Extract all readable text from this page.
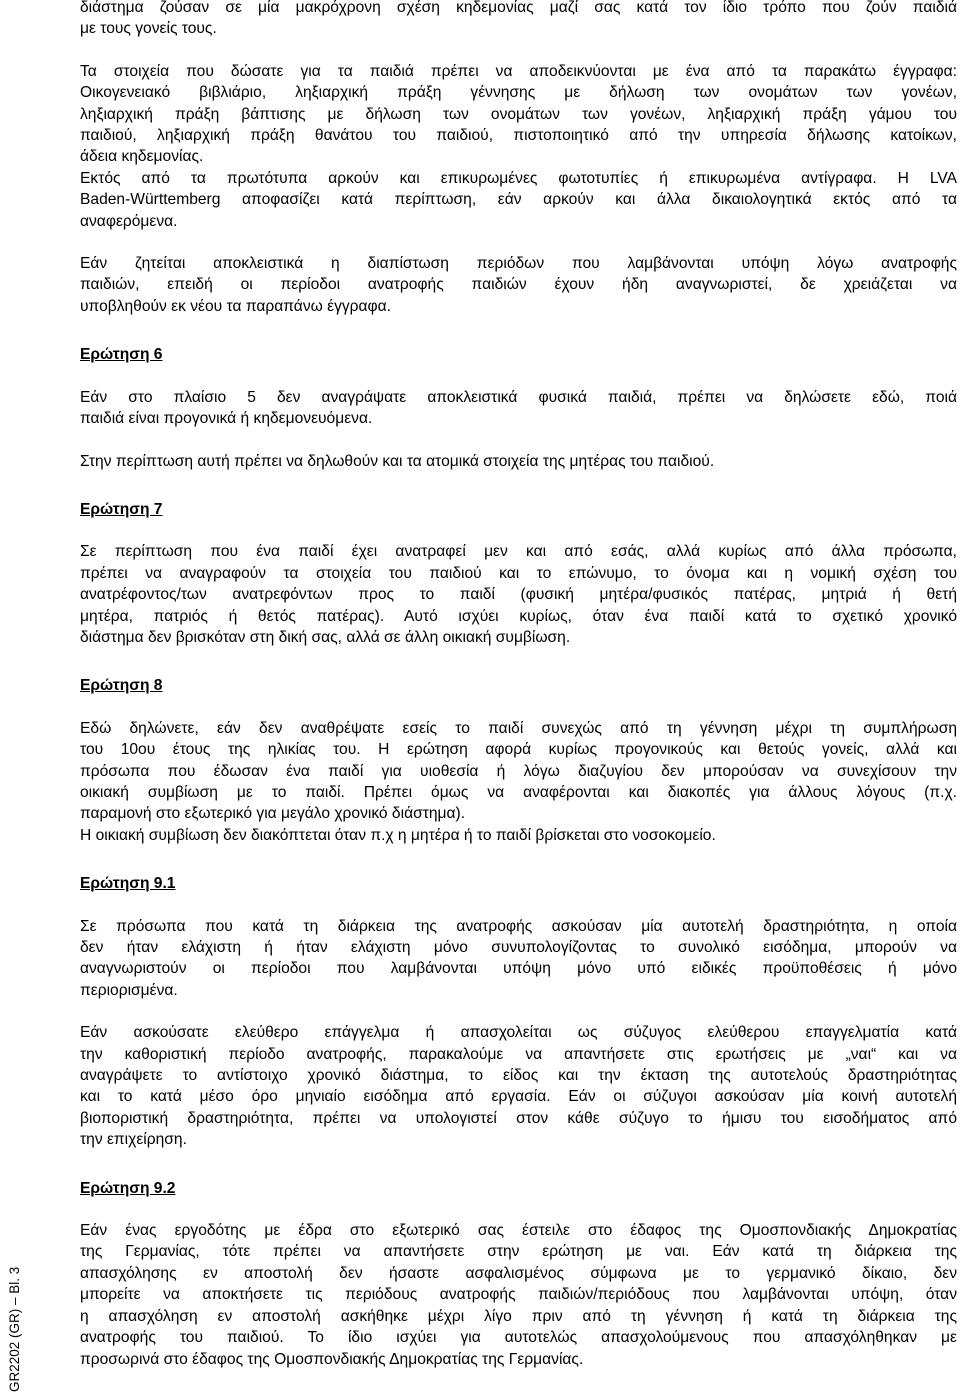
διάστημα ζούσαν σε μία μακρόχρονη σχέση κηδεμονίας μαζί σας κατά τον ίδιο τρόπο που ζούν παιδιά
με τους γονείς τους.

Τα στοιχεία που δώσατε για τα παιδιά πρέπει να αποδεικνύονται με ένα από τα παρακάτω έγγραφα:
Οικογενειακό βιβλιάριο, ληξιαρχική πράξη γέννησης με δήλωση των ονομάτων των γονέων,
ληξιαρχική πράξη βάπτισης με δήλωση των ονομάτων των γονέων, ληξιαρχική πράξη γάμου του
παιδιού, ληξιαρχική πράξη θανάτου του παιδιού, πιστοποιητικό από την υπηρεσία δήλωσης κατοίκων,
άδεια κηδεμονίας.
Εκτός από τα πρωτότυπα αρκούν και επικυρωμένες φωτοτυπίες ή επικυρωμένα αντίγραφα. Η LVA
Baden-Württemberg αποφασίζει κατά περίπτωση, εάν αρκούν και άλλα δικαιολογητικά εκτός από τα
αναφερόμενα.

Εάν ζητείται αποκλειστικά η διαπίστωση περιόδων που λαμβάνονται υπόψη λόγω ανατροφής
παιδιών, επειδή οι περίοδοι ανατροφής παιδιών έχουν ήδη αναγνωριστεί, δε χρειάζεται να
υποβληθούν εκ νέου τα παραπάνω έγγραφα.

Ερώτηση 6

Εάν στο πλαίσιο 5 δεν αναγράψατε αποκλειστικά φυσικά παιδιά, πρέπει να δηλώσετε εδώ, ποιά
παιδιά είναι προγονικά ή κηδεμονευόμενα.

Στην περίπτωση αυτή πρέπει να δηλωθούν και τα ατομικά στοιχεία της μητέρας του παιδιού.

Ερώτηση 7

Σε περίπτωση που ένα παιδί έχει ανατραφεί μεν και από εσάς, αλλά κυρίως από άλλα πρόσωπα,
πρέπει να αναγραφούν τα στοιχεία του παιδιού και το επώνυμο, το όνομα και η νομική σχέση του
ανατρέφοντος/των ανατρεφόντων προς το παιδί (φυσική μητέρα/φυσικός πατέρας, μητριά ή θετή
μητέρα, πατριός ή θετός πατέρας). Αυτό ισχύει κυρίως, όταν ένα παιδί κατά το σχετικό χρονικό
διάστημα δεν βρισκόταν στη δική σας, αλλά σε άλλη οικιακή συμβίωση.

Ερώτηση 8

Εδώ δηλώνετε, εάν δεν αναθρέψατε εσείς το παιδί συνεχώς από τη γέννηση μέχρι τη συμπλήρωση
του 10ου έτους της ηλικίας του. Η ερώτηση αφορά κυρίως προγονικούς και θετούς γονείς, αλλά και
πρόσωπα που έδωσαν ένα παιδί για υιοθεσία ή λόγω διαζυγίου δεν μπορούσαν να συνεχίσουν την
οικιακή συμβίωση με το παιδί. Πρέπει όμως να αναφέρονται και διακοπές για άλλους λόγους (π.χ.
παραμονή στο εξωτερικό για μεγάλο χρονικό διάστημα).
Η οικιακή συμβίωση δεν διακόπτεται όταν π.χ η μητέρα ή το παιδί βρίσκεται στο νοσοκομείο.

Ερώτηση 9.1

Σε πρόσωπα που κατά τη διάρκεια της ανατροφής ασκούσαν μία αυτοτελή δραστηριότητα, η οποία
δεν ήταν ελάχιστη ή ήταν ελάχιστη μόνο συνυπολογίζοντας το συνολικό εισόδημα, μπορούν να
αναγνωριστούν οι περίοδοι που λαμβάνονται υπόψη μόνο υπό ειδικές προϋποθέσεις ή μόνο
περιορισμένα.

Εάν ασκούσατε ελεύθερο επάγγελμα ή απασχολείται ως σύζυγος ελεύθερου επαγγελματία κατά
την καθοριστική περίοδο ανατροφής, παρακαλούμε να απαντήσετε στις ερωτήσεις με „ναι“ και να
αναγράψετε το αντίστοιχο χρονικό διάστημα, το είδος και την έκταση της αυτοτελούς δραστηριότητας
και το κατά μέσο όρο μηνιαίο εισόδημα από εργασία. Εάν οι σύζυγοι ασκούσαν μία κοινή αυτοτελή
βιοποριστική δραστηριότητα, πρέπει να υπολογιστεί στον κάθε σύζυγο το ήμισυ του εισοδήματος από
την επιχείρηση.

Ερώτηση 9.2

Εάν ένας εργοδότης με έδρα στο εξωτερικό σας έστειλε στο έδαφος της Ομοσπονδιακής Δημοκρατίας
της Γερμανίας, τότε πρέπει να απαντήσετε στην ερώτηση με ναι. Εάν κατά τη διάρκεια της
απασχόλησης εν αποστολή δεν ήσαστε ασφαλισμένος σύμφωνα με το γερμανικό δίκαιο, δεν
μπορείτε να αποκτήσετε τις περιόδους ανατροφής παιδιών/περιόδους που λαμβάνονται υπόψη, όταν
η απασχόληση εν αποστολή ασκήθηκε μέχρι λίγο πριν από τη γέννηση ή κατά τη διάρκεια της
ανατροφής του παιδιού. Το ίδιο ισχύει για αυτοτελώς απασχολούμενους που απασχόληθηκαν με
προσωρινά στο έδαφος της Ομοσπονδιακής Δημοκρατίας της Γερμανίας.

GR2202 (GR) – Bl. 3
